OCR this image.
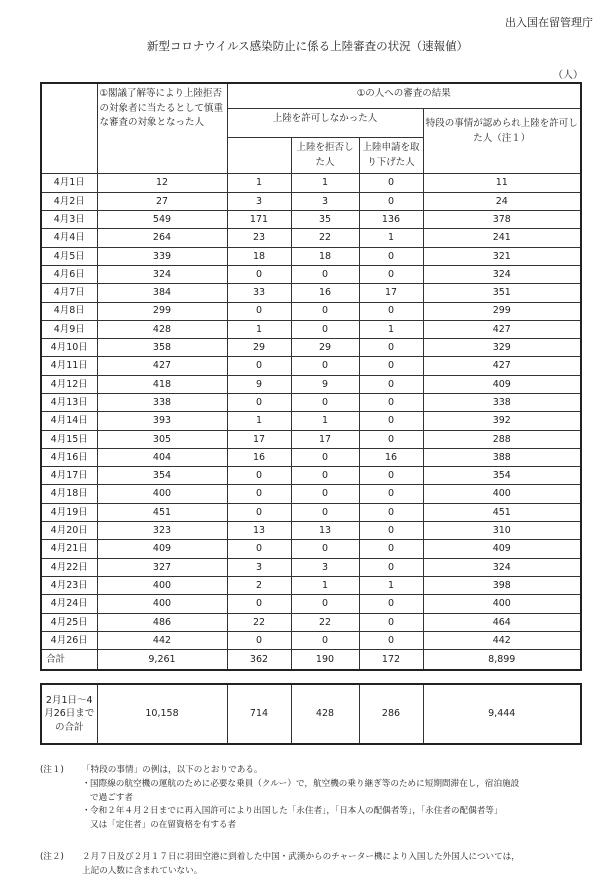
出入国在留管理庁
新型コロナウイルス感染防止に係る上陸審査の状況（速報値）
（人）
	①閣議了解等により上陸拒否の対象者に当たるとして慎重な審査の対象となった人	①の人への審査の結果			
		上陸を許可しなかった人			特段の事情が認められ上陸を許可した人（注１）
			上陸を拒否した人	上陸申請を取り下げた人	
4月1日	12	1	1	0	11
4月2日	27	3	3	0	24
4月3日	549	171	35	136	378
4月4日	264	23	22	1	241
4月5日	339	18	18	0	321
4月6日	324	0	0	0	324
4月7日	384	33	16	17	351
4月8日	299	0	0	0	299
4月9日	428	1	0	1	427
4月10日	358	29	29	0	329
4月11日	427	0	0	0	427
4月12日	418	9	9	0	409
4月13日	338	0	0	0	338
4月14日	393	1	1	0	392
4月15日	305	17	17	0	288
4月16日	404	16	0	16	388
4月17日	354	0	0	0	354
4月18日	400	0	0	0	400
4月19日	451	0	0	0	451
4月20日	323	13	13	0	310
4月21日	409	0	0	0	409
4月22日	327	3	3	0	324
4月23日	400	2	1	1	398
4月24日	400	0	0	0	400
4月25日	486	22	22	0	464
4月26日	442	0	0	0	442
合計	9,261	362	190	172	8,899
2月1日～4月26日までの合計	10,158	714	428	286	9,444
(注１)	「特段の事情」の例は，以下のとおりである。
・ 国際線の航空機の運航のために必要な乗員（クルー）で，航空機の乗り継ぎ等のために短期間滞在し，宿泊施設
で過ごす者
・ 令和２年４月２日までに再入国許可により出国した「永住者」，「日本人の配偶者等」，「永住者の配偶者等」
又は「定住者」の在留資格を有する者
(注２)	２月７日及び２月１７日に羽田空港に到着した中国・武漢からのチャーター機により入国した外国人については，
上記の人数に含まれていない。
